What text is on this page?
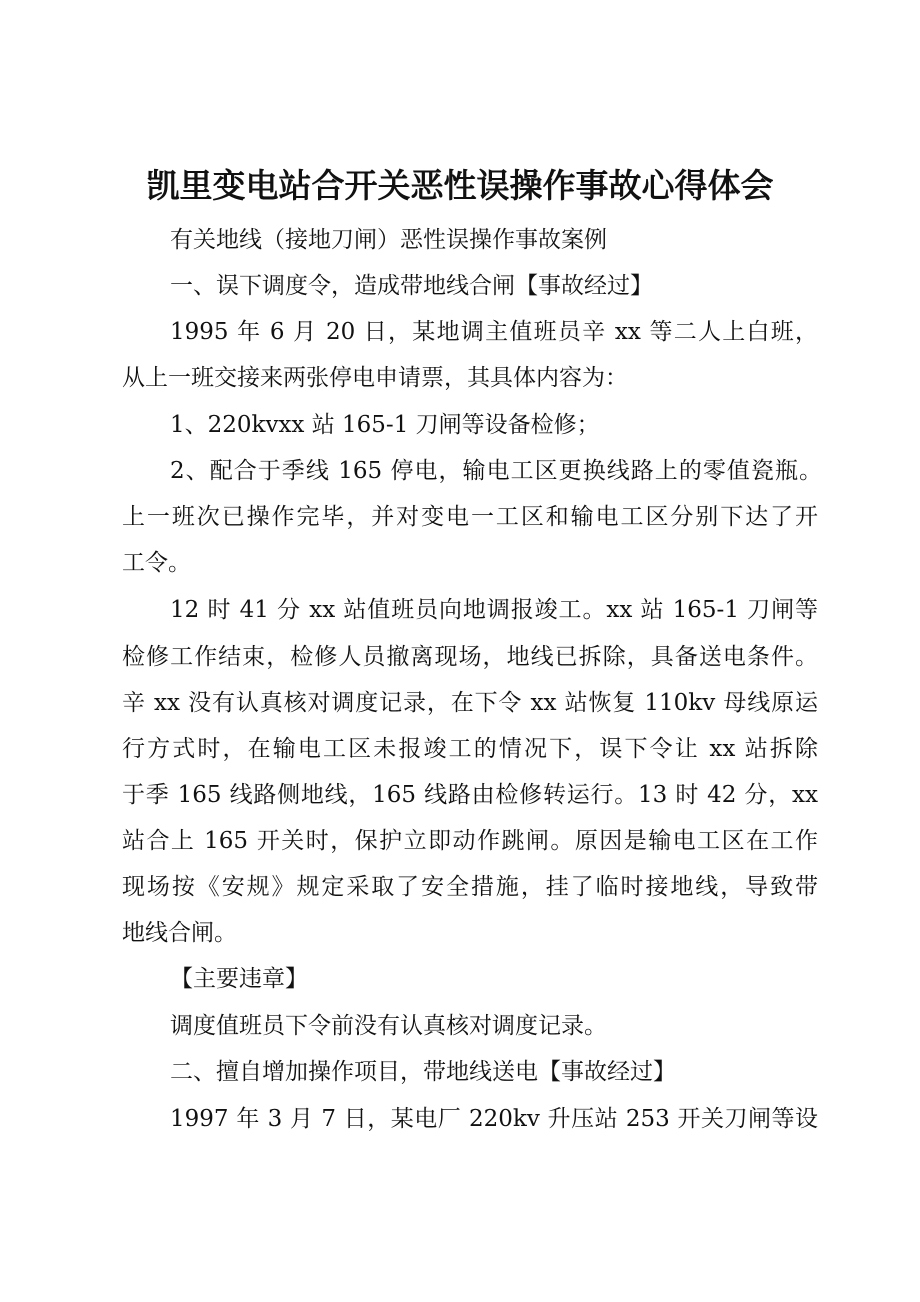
凯里变电站合开关恶性误操作事故心得体会
有关地线（接地刀闸）恶性误操作事故案例
一、误下调度令，造成带地线合闸【事故经过】
1995 年 6 月 20 日，某地调主值班员辛 xx 等二人上白班，
从上一班交接来两张停电申请票，其具体内容为：
1、220kvxx 站 165-1 刀闸等设备检修；
2、配合于季线 165 停电，输电工区更换线路上的零值瓷瓶。
上一班次已操作完毕，并对变电一工区和输电工区分别下达了开
工令。
12 时 41 分 xx 站值班员向地调报竣工。xx 站 165-1 刀闸等
检修工作结束，检修人员撤离现场，地线已拆除，具备送电条件。
辛 xx 没有认真核对调度记录，在下令 xx 站恢复 110kv 母线原运
行方式时，在输电工区未报竣工的情况下，误下令让 xx 站拆除
于季 165 线路侧地线，165 线路由检修转运行。13 时 42 分，xx
站合上 165 开关时，保护立即动作跳闸。原因是输电工区在工作
现场按《安规》规定采取了安全措施，挂了临时接地线，导致带
地线合闸。
【主要违章】
调度值班员下令前没有认真核对调度记录。
二、擅自增加操作项目，带地线送电【事故经过】
1997 年 3 月 7 日，某电厂 220kv 升压站 253 开关刀闸等设
